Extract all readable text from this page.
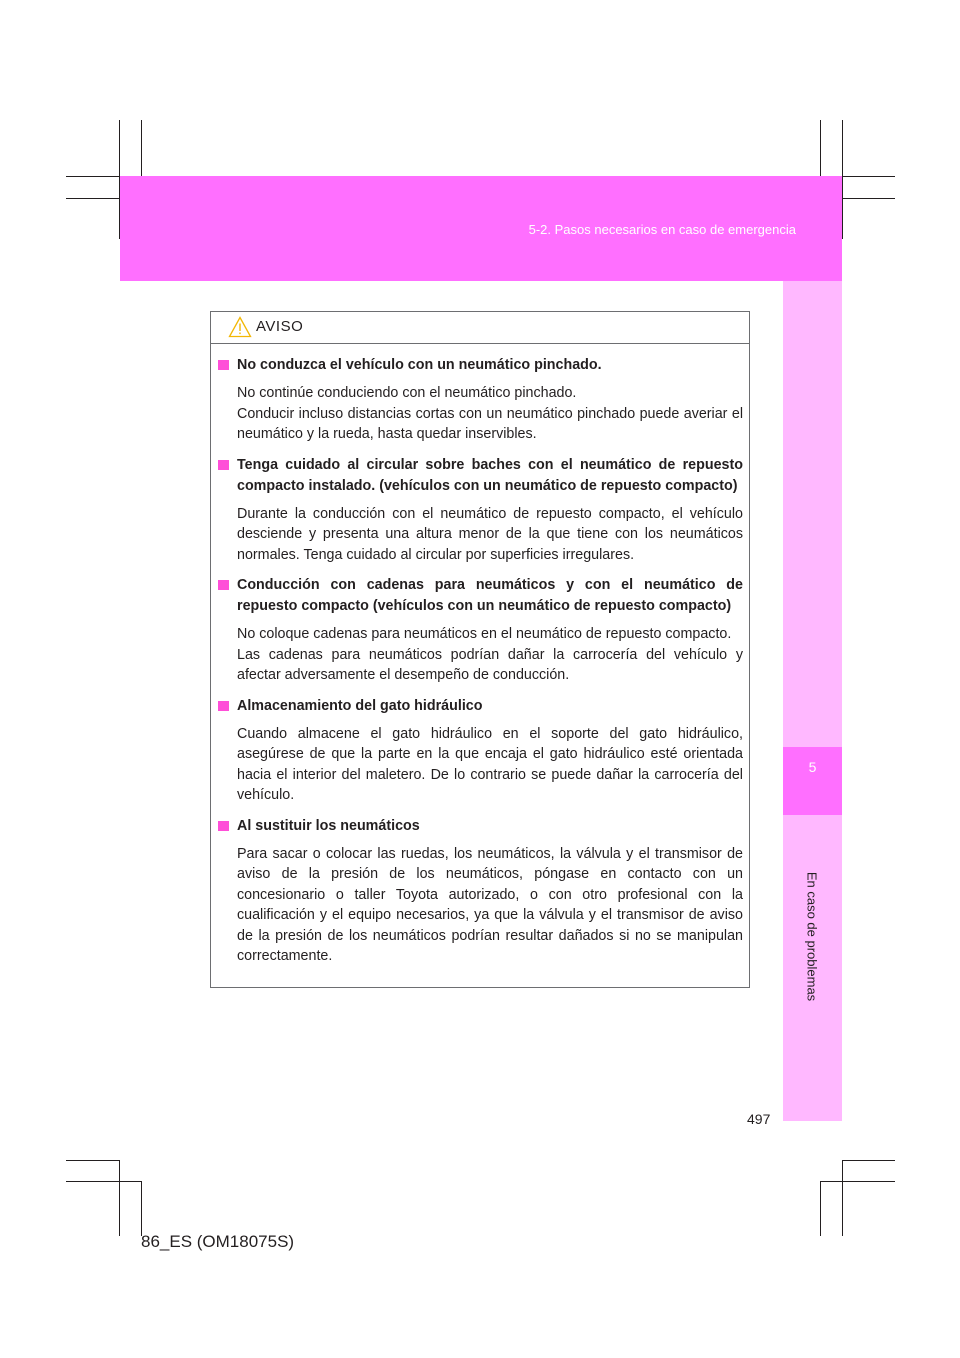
5-2. Pasos necesarios en caso de emergencia
5
En caso de problemas
AVISO
No conduzca el vehículo con un neumático pinchado.

No continúe conduciendo con el neumático pinchado.

Conducir incluso distancias cortas con un neumático pinchado puede averiar el neumático y la rueda, hasta quedar inservibles.

Tenga cuidado al circular sobre baches con el neumático de repuesto compacto instalado. (vehículos con un neumático de repuesto compacto)

Durante la conducción con el neumático de repuesto compacto, el vehículo desciende y presenta una altura menor de la que tiene con los neumáticos normales. Tenga cuidado al circular por superficies irregulares.

Conducción con cadenas para neumáticos y con el neumático de repuesto compacto (vehículos con un neumático de repuesto compacto)

No coloque cadenas para neumáticos en el neumático de repuesto compacto.

Las cadenas para neumáticos podrían dañar la carrocería del vehículo y afectar adversamente el desempeño de conducción.

Almacenamiento del gato hidráulico

Cuando almacene el gato hidráulico en el soporte del gato hidráulico, asegúrese de que la parte en la que encaja el gato hidráulico esté orientada hacia el interior del maletero. De lo contrario se puede dañar la carrocería del vehículo.

Al sustituir los neumáticos

Para sacar o colocar las ruedas, los neumáticos, la válvula y el transmisor de aviso de la presión de los neumáticos, póngase en contacto con un concesionario o taller Toyota autorizado, o con otro profesional con la cualificación y el equipo necesarios, ya que la válvula y el transmisor de aviso de la presión de los neumáticos podrían resultar dañados si no se manipulan correctamente.

497
86_ES (OM18075S)
